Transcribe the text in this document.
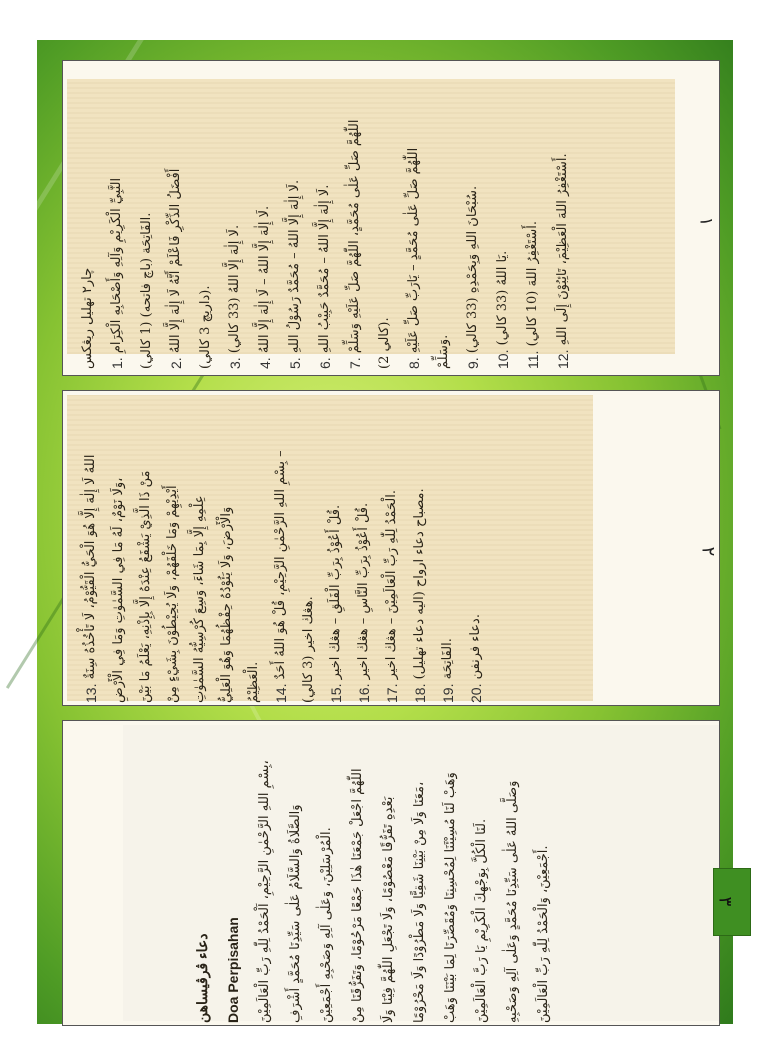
چار٢ تهليل ريڠكس
1. النَّبِيِّ الْكَرِيْمِ وَآلِهِ وَأَصْحَابِهِ الْكِرَامِ	الفَاتِحَة (باچ فاتحه) (1 كالي).
2. أَفْضَلُ الذِّكْرِ فَاعْلَمْ أَنَّهُ لَا إِلٰهَ إِلَّا اللهُ
(داريچ 3 كالي).
3. لَا إِلٰهَ إِلَّا اللهُ (33 كالي).
4. لَا إِلٰهَ إِلَّا اللهُ – لَا إِلٰهَ إِلَّا اللهُ.
5. لَا إِلٰهَ إِلَّا اللهُ – مُحَمَّدٌ رَسُوْلُ اللهِ.
6. لَا إِلٰهَ إِلَّا اللهُ – مُحَمَّدٌ حَبِيْبُ اللهِ.
7. اللّٰهُمَّ صَلِّ عَلٰى مُحَمَّدٍ، اللّٰهُمَّ صَلِّ عَلَيْهِ وَسَلِّمْ
(2 كالي).
8. اللّٰهُمَّ صَلِّ عَلٰى مُحَمَّدٍ – يَارَبِّ صَلِّ عَلَيْهِ
وَسَلِّمْ.
9. سُبْحَانَ اللهِ وَبِحَمْدِهِ (33 كالي).
10. يَا اللهُ (33 كالي).
11. أَسْتَغْفِرُ اللهَ (10 كالي).
12. أَسْتَغْفِرُ اللهَ الْعَظِيْمَ، تَائِبُوْنَ إِلَى اللهِ.
١
13. اللهُ لَا إِلٰهَ إِلَّا هُوَ الْحَيُّ الْقَيُّوْمُ، لَا تَأْخُذُهُ سِنَةٌ	وَلَا نَوْمٌ، لَهُ مَا فِي السَّمٰوٰتِ وَمَا فِي الْأَرْضِ، مَنْ ذَا الَّذِيْ يَشْفَعُ عِنْدَهُ إِلَّا بِإِذْنِهِ، يَعْلَمُ مَا بَيْنَ أَيْدِيْهِمْ وَمَا خَلْفَهُمْ، وَلَا يُحِيْطُوْنَ بِشَيْءٍ مِنْ عِلْمِهِ إِلَّا بِمَا شَاءَ، وَسِعَ كُرْسِيُّهُ السَّمٰوٰتِ وَالْأَرْضَ، وَلَا يَئُوْدُهُ حِفْظُهُمَا وَهُوَ الْعَلِيُّ الْعَظِيْمُ.
14. بِسْمِ اللهِ الرَّحْمٰنِ الرَّحِيْمِ، قُلْ هُوَ اللهُ أَحَدٌ –
هڠڬ اخير (3 كالي).
15. قُلْ أَعُوْذُ بِرَبِّ الْفَلَقِ – هڠڬ اخير.
16. قُلْ أَعُوْذُ بِرَبِّ النَّاسِ – هڠڬ اخير.
17. الْحَمْدُ لِلّٰهِ رَبِّ الْعَالَمِيْنَ – هڠڬ اخير.
18. مصباح دعاء ارواح (اليه دعاء تهليل).
19. الفَاتِحَة.
20. دعاء فرنفن.
٢
دعاء ڤرڤيساهن	Doa Perpisahan	بِسْمِ اللهِ الرَّحْمٰنِ الرَّحِيْمِ، اَلْحَمْدُ لِلّٰهِ رَبِّ الْعَالَمِيْنَ،
وَالصَّلَاةُ وَالسَّلَامُ عَلٰى سَيِّدِنَا مُحَمَّدٍ أَشْرَفِ	الْمُرْسَلِيْنَ، وَعَلٰى آلِهِ وَصَحْبِهِ أَجْمَعِيْنَ.	اللّٰهُمَّ اجْعَلْ جَمْعَنَا هٰذَا جَمْعًا مَرْحُوْمًا، وَتَفَرُّقَنَا مِنْ	بَعْدِهِ تَفَرُّقًا مَعْصُوْمًا، وَلَا تَجْعَلِ اللّٰهُمَّ فِيْنَا وَلَا	مَعَنَا وَلَا مِنْ بَيْنِنَا شَقِيًّا وَلَا مَطْرُوْدًا وَلَا مَحْرُوْمًا،	وَهَبْ لَنَا مُسِيْئَنَا لِمُحْسِنِنَا وَمُقَصِّرَنَا لِمَا بَيْنَنَا وَهَبْ	لَنَا الْكُلَّ بِوَجْهِكَ الْكَرِيْمِ يَا رَبَّ الْعَالَمِيْنَ.	وَصَلَّى اللهُ عَلٰى سَيِّدِنَا مُحَمَّدٍ وَعَلٰى آلِهِ وَصَحْبِهِ	أَجْمَعِيْنَ، وَالْحَمْدُ لِلّٰهِ رَبِّ الْعَالَمِيْنَ.
٣
